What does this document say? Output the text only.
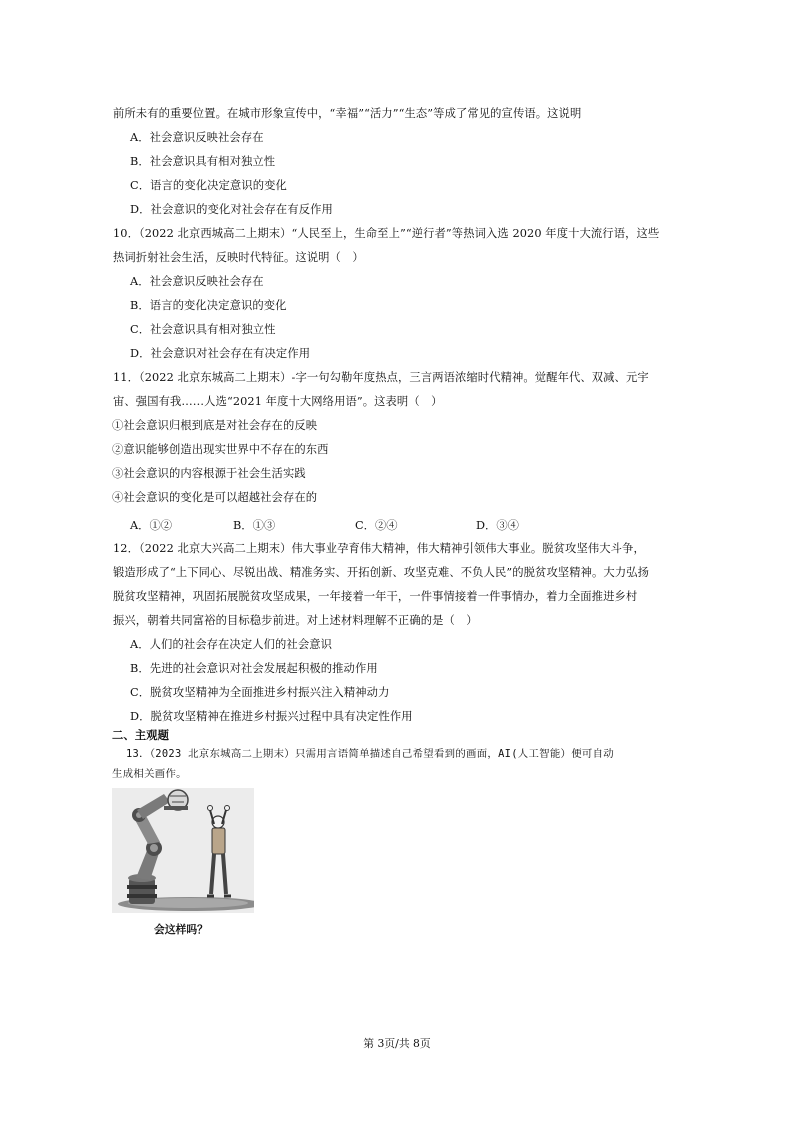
前所未有的重要位置。在城市形象宣传中，“幸福”“活力”“生态”等成了常见的宣传语。这说明
A．社会意识反映社会存在
B．社会意识具有相对独立性
C．语言的变化决定意识的变化
D．社会意识的变化对社会存在有反作用
10．（2022 北京西城高二上期末）“人民至上，生命至上”“逆行者”等热词入选 2020 年度十大流行语，这些
热词折射社会生活，反映时代特征。这说明（　）
A．社会意识反映社会存在
B．语言的变化决定意识的变化
C．社会意识具有相对独立性
D．社会意识对社会存在有决定作用
11．（2022 北京东城高二上期末）-字一句勾勒年度热点，三言两语浓缩时代精神。觉醒年代、双减、元宇
宙、强国有我……人选“2021 年度十大网络用语”。这表明（　）
①社会意识归根到底是对社会存在的反映
②意识能够创造出现实世界中不存在的东西
③社会意识的内容根源于社会生活实践
④社会意识的变化是可以超越社会存在的
A．①②	B．①③	C．②④	D．③④
12．（2022 北京大兴高二上期末）伟大事业孕育伟大精神，伟大精神引领伟大事业。脱贫攻坚伟大斗争，
锻造形成了“上下同心、尽锐出战、精准务实、开拓创新、攻坚克难、不负人民”的脱贫攻坚精神。大力弘扬
脱贫攻坚精神，巩固拓展脱贫攻坚成果，一年接着一年干，一件事情接着一件事情办，着力全面推进乡村
振兴，朝着共同富裕的目标稳步前进。对上述材料理解不正确的是（　）
A．人们的社会存在决定人们的社会意识
B．先进的社会意识对社会发展起积极的推动作用
C．脱贫攻坚精神为全面推进乡村振兴注入精神动力
D．脱贫攻坚精神在推进乡村振兴过程中具有决定性作用
二、主观题
13．（2023 北京东城高二上期末）只需用言语简单描述自己希望看到的画面，AI(人工智能）便可自动
生成相关画作。
会这样吗？
第 3页/共 8页
